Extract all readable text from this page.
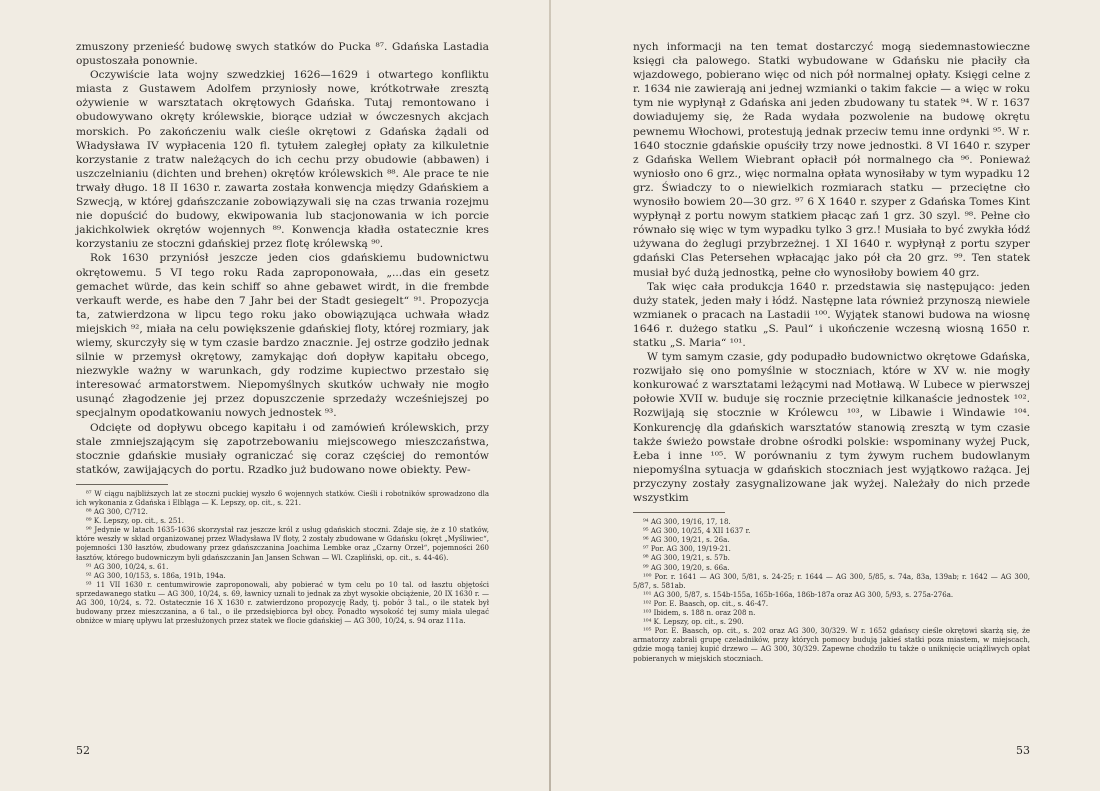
zmuszony przenieść budowę swych statków do Pucka ⁸⁷. Gdańska Lastadia opustoszała ponownie.

Oczywiście lata wojny szwedzkiej 1626—1629 i otwartego konfliktu miasta z Gustawem Adolfem przyniosły nowe, krótkotrwałe zresztą ożywienie w warsztatach okrętowych Gdańska. Tutaj remontowano i obudowywano okręty królewskie, biorące udział w ówczesnych akcjach morskich. Po zakończeniu walk cieśle okrętowi z Gdańska żądali od Władysława IV wypłacenia 120 fl. tytułem zaległej opłaty za kilkuletnie korzystanie z tratw należących do ich cechu przy obudowie (abbawen) i uszczelnianiu (dichten und brehen) okrętów królewskich ⁸⁸. Ale prace te nie trwały długo. 18 II 1630 r. zawarta została konwencja między Gdańskiem a Szwecją, w której gdańszczanie zobowiązywali się na czas trwania rozejmu nie dopuścić do budowy, ekwipowania lub stacjonowania w ich porcie jakichkolwiek okrętów wojennych ⁸⁹. Konwencja kładła ostatecznie kres korzystaniu ze stoczni gdańskiej przez flotę królewską ⁹⁰.

Rok 1630 przyniósł jeszcze jeden cios gdańskiemu budownictwu okrętowemu. 5 VI tego roku Rada zaproponowała, „...das ein gesetz gemachet würde, das kein schiff so ahne gebawet wirdt, in die frembde verkauft werde, es habe den 7 Jahr bei der Stadt gesiegelt“ ⁹¹. Propozycja ta, zatwierdzona w lipcu tego roku jako obowiązująca uchwała władz miejskich ⁹², miała na celu powiększenie gdańskiej floty, której rozmiary, jak wiemy, skurczyły się w tym czasie bardzo znacznie. Jej ostrze godziło jednak silnie w przemysł okrętowy, zamykając doń dopływ kapitału obcego, niezwykle ważny w warunkach, gdy rodzime kupiectwo przestało się interesować armatorstwem. Niepomyślnych skutków uchwały nie mogło usunąć złagodzenie jej przez dopuszczenie sprzedaży wcześniejszej po specjalnym opodatkowaniu nowych jednostek ⁹³.

Odcięte od dopływu obcego kapitału i od zamówień królewskich, przy stale zmniejszającym się zapotrzebowaniu miejscowego mieszczaństwa, stocznie gdańskie musiały ograniczać się coraz częściej do remontów statków, zawijających do portu. Rzadko już budowano nowe obiekty. Pew-

⁸⁷ W ciągu najbliższych lat ze stoczni puckiej wyszło 6 wojennych statków. Cieśli i robotników sprowadzono dla ich wykonania z Gdańska i Elbląga — K. Lepszy, op. cit., s. 221.

⁸⁸ AG 300, C/712.

⁸⁹ K. Lepszy, op. cit., s. 251.

⁹⁰ Jedynie w latach 1635-1636 skorzystał raz jeszcze król z usług gdańskich stoczni. Zdaje się, że z 10 statków, które weszły w skład organizowanej przez Władysława IV floty, 2 zostały zbudowane w Gdańsku (okręt „Myśliwiec“, pojemności 130 łasztów, zbudowany przez gdańszczanina Joachima Lembke oraz „Czarny Orzeł“, pojemności 260 łasztów, którego budowniczym byli gdańszczanin Jan Jansen Schwan — Wl. Czapliński, op. cit., s. 44-46).

⁹¹ AG 300, 10/24, s. 61.

⁹² AG 300, 10/153, s. 186a, 191b, 194a.

⁹³ 11 VII 1630 r. centumwirowie zaproponowali, aby pobierać w tym celu po 10 tal. od łasztu objętości sprzedawanego statku — AG 300, 10/24, s. 69, ławnicy uznali to jednak za zbyt wysokie obciążenie, 20 IX 1630 r. — AG 300, 10/24, s. 72. Ostatecznie 16 X 1630 r. zatwierdzono propozycję Rady, tj. pobór 3 tal., o ile statek był budowany przez mieszczanina, a 6 tal., o ile przedsiębiorca był obcy. Ponadto wysokość tej sumy miała ulegać obniżce w miarę upływu lat przesłużonych przez statek we flocie gdańskiej — AG 300, 10/24, s. 94 oraz 111a.

52

nych informacji na ten temat dostarczyć mogą siedemnastowieczne księgi cła palowego. Statki wybudowane w Gdańsku nie płaciły cła wjazdowego, pobierano więc od nich pół normalnej opłaty. Księgi celne z r. 1634 nie zawierają ani jednej wzmianki o takim fakcie — a więc w roku tym nie wypłynął z Gdańska ani jeden zbudowany tu statek ⁹⁴. W r. 1637 dowiadujemy się, że Rada wydała pozwolenie na budowę okrętu pewnemu Włochowi, protestują jednak przeciw temu inne ordynki ⁹⁵. W r. 1640 stocznie gdańskie opuściły trzy nowe jednostki. 8 VI 1640 r. szyper z Gdańska Wellem Wiebrant opłacił pół normalnego cła ⁹⁶. Ponieważ wyniosło ono 6 grz., więc normalna opłata wynosiłaby w tym wypadku 12 grz. Świadczy to o niewielkich rozmiarach statku — przeciętne cło wynosiło bowiem 20—30 grz. ⁹⁷ 6 X 1640 r. szyper z Gdańska Tomes Kint wypłynął z portu nowym statkiem płacąc zań 1 grz. 30 szyl. ⁹⁸. Pełne cło równało się więc w tym wypadku tylko 3 grz.! Musiała to być zwykła łódź używana do żeglugi przybrzeżnej. 1 XI 1640 r. wypłynął z portu szyper gdański Clas Petersehen wpłacając jako pół cła 20 grz. ⁹⁹. Ten statek musiał być dużą jednostką, pełne cło wynosiłoby bowiem 40 grz.

Tak więc cała produkcja 1640 r. przedstawia się następująco: jeden duży statek, jeden mały i łódź. Następne lata również przynoszą niewiele wzmianek o pracach na Lastadii ¹⁰⁰. Wyjątek stanowi budowa na wiosnę 1646 r. dużego statku „S. Paul“ i ukończenie wczesną wiosną 1650 r. statku „S. Maria“ ¹⁰¹.

W tym samym czasie, gdy podupadło budownictwo okrętowe Gdańska, rozwijało się ono pomyślnie w stoczniach, które w XV w. nie mogły konkurować z warsztatami leżącymi nad Motławą. W Lubece w pierwszej połowie XVII w. buduje się rocznie przeciętnie kilkanaście jednostek ¹⁰². Rozwijają się stocznie w Królewcu ¹⁰³, w Libawie i Windawie ¹⁰⁴. Konkurencję dla gdańskich warsztatów stanowią zresztą w tym czasie także świeżo powstałe drobne ośrodki polskie: wspominany wyżej Puck, Łeba i inne ¹⁰⁵. W porównaniu z tym żywym ruchem budowlanym niepomyślna sytuacja w gdańskich stoczniach jest wyjątkowo rażąca. Jej przyczyny zostały zasygnalizowane jak wyżej. Należały do nich przede wszystkim

⁹⁴ AG 300, 19/16, 17, 18.

⁹⁵ AG 300, 10/25, 4 XII 1637 r.

⁹⁶ AG 300, 19/21, s. 26a.

⁹⁷ Por. AG 300, 19/19-21.

⁹⁸ AG 300, 19/21, s. 57b.

⁹⁹ AG 300, 19/20, s. 66a.

¹⁰⁰ Por. r. 1641 — AG 300, 5/81, s. 24-25; r. 1644 — AG 300, 5/85, s. 74a, 83a, 139ab; r. 1642 — AG 300, 5/87, s. 581ab.

¹⁰¹ AG 300, 5/87, s. 154b-155a, 165b-166a, 186b-187a oraz AG 300, 5/93, s. 275a-276a.

¹⁰² Por. E. Baasch, op. cit., s. 46-47.

¹⁰³ Ibidem, s. 188 n. oraz 208 n.

¹⁰⁴ K. Lepszy, op. cit., s. 290.

¹⁰⁵ Por. E. Baasch, op. cit., s. 202 oraz AG 300, 30/329. W r. 1652 gdańscy cieśle okrętowi skarżą się, że armatorzy zabrali grupę czeladników, przy których pomocy budują jakieś statki poza miastem, w miejscach, gdzie mogą taniej kupić drzewo — AG 300, 30/329. Zapewne chodziło tu także o uniknięcie uciążliwych opłat pobieranych w miejskich stoczniach.

53
